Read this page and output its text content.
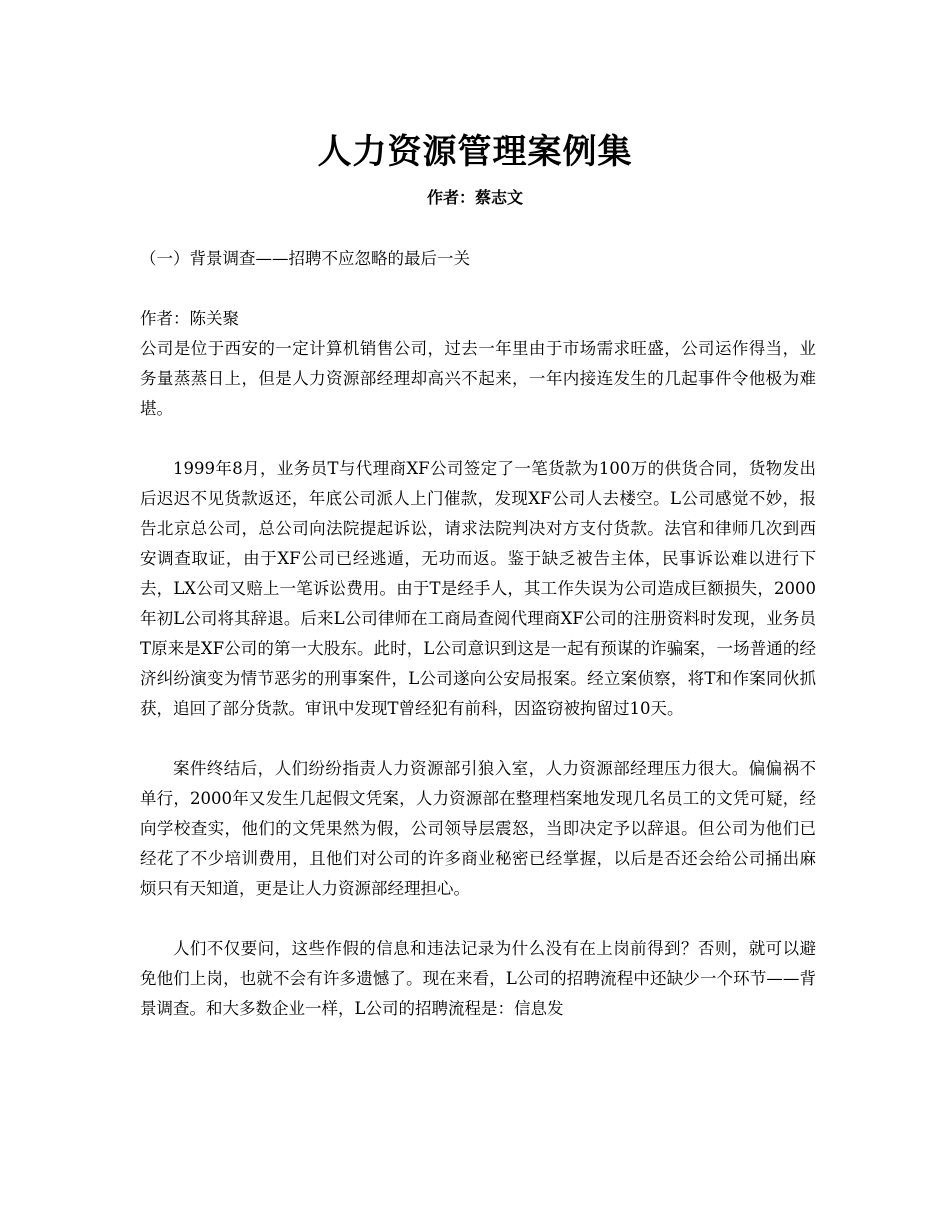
人力资源管理案例集
作者：蔡志文

（一）背景调查——招聘不应忽略的最后一关

作者：陈关聚

公司是位于西安的一定计算机销售公司，过去一年里由于市场需求旺盛，公司运作得当，业务量蒸蒸日上，但是人力资源部经理却高兴不起来，一年内接连发生的几起事件令他极为难堪。

1999年8月，业务员T与代理商XF公司签定了一笔货款为100万的供货合同，货物发出后迟迟不见货款返还，年底公司派人上门催款，发现XF公司人去楼空。L公司感觉不妙，报告北京总公司，总公司向法院提起诉讼，请求法院判决对方支付货款。法官和律师几次到西安调查取证，由于XF公司已经逃遁，无功而返。鉴于缺乏被告主体，民事诉讼难以进行下去，LX公司又赔上一笔诉讼费用。由于T是经手人，其工作失误为公司造成巨额损失，2000年初L公司将其辞退。后来L公司律师在工商局查阅代理商XF公司的注册资料时发现，业务员T原来是XF公司的第一大股东。此时，L公司意识到这是一起有预谋的诈骗案，一场普通的经济纠纷演变为情节恶劣的刑事案件，L公司遂向公安局报案。经立案侦察，将T和作案同伙抓获，追回了部分货款。审讯中发现T曾经犯有前科，因盗窃被拘留过10天。

案件终结后，人们纷纷指责人力资源部引狼入室，人力资源部经理压力很大。偏偏祸不单行，2000年又发生几起假文凭案，人力资源部在整理档案地发现几名员工的文凭可疑，经向学校查实，他们的文凭果然为假，公司领导层震怒，当即决定予以辞退。但公司为他们已经花了不少培训费用，且他们对公司的许多商业秘密已经掌握，以后是否还会给公司捅出麻烦只有天知道，更是让人力资源部经理担心。

人们不仅要问，这些作假的信息和违法记录为什么没有在上岗前得到？否则，就可以避免他们上岗，也就不会有许多遗憾了。现在来看，L公司的招聘流程中还缺少一个环节——背景调查。和大多数企业一样，L公司的招聘流程是：信息发
